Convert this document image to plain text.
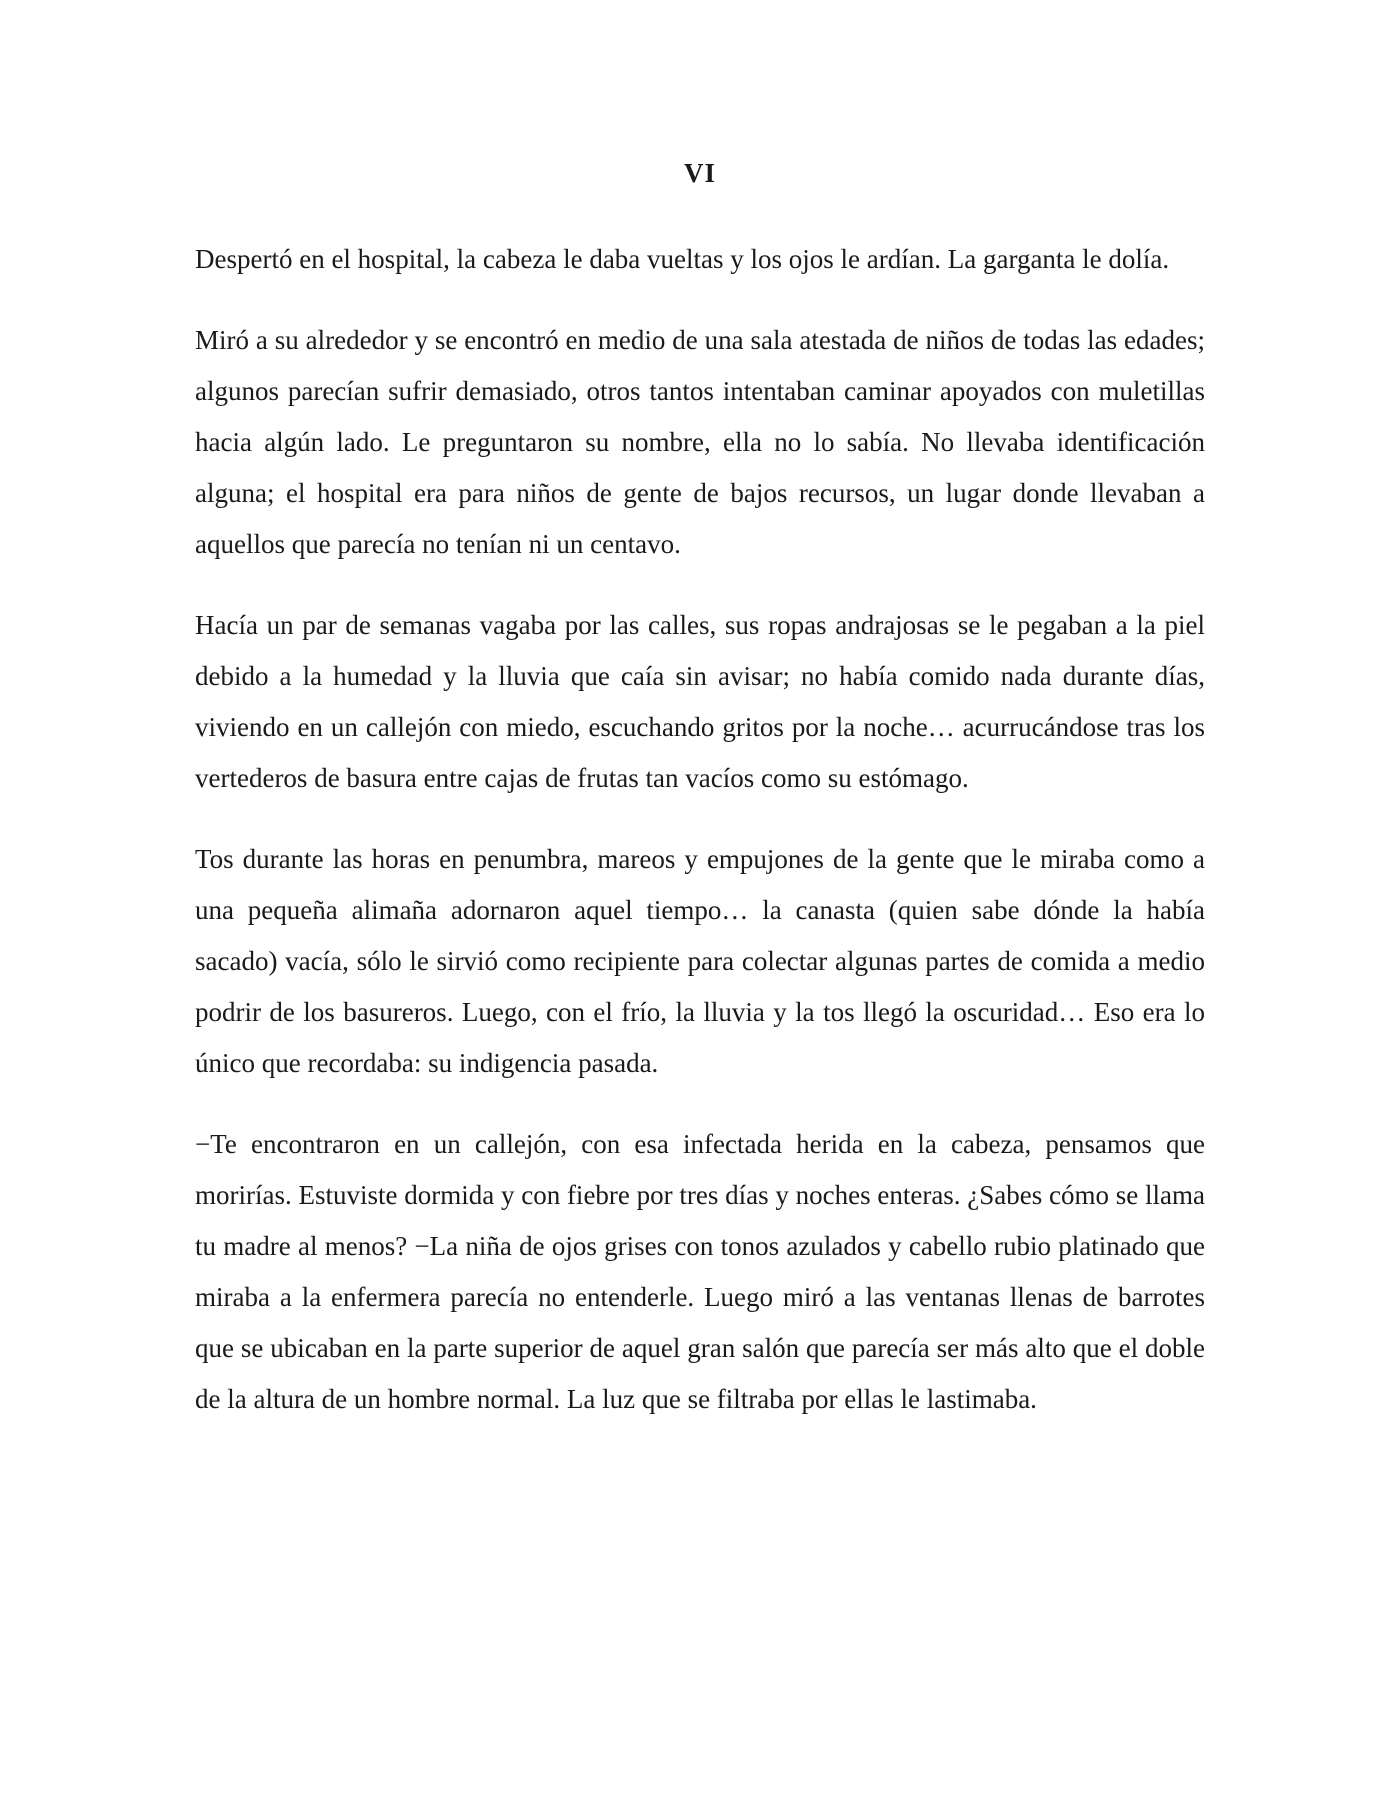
VI

Despertó en el hospital, la cabeza le daba vueltas y los ojos le ardían. La garganta le dolía.

Miró a su alrededor y se encontró en medio de una sala atestada de niños de todas las edades; algunos parecían sufrir demasiado, otros tantos intentaban caminar apoyados con muletillas hacia algún lado. Le preguntaron su nombre, ella no lo sabía. No llevaba identificación alguna; el hospital era para niños de gente de bajos recursos, un lugar donde llevaban a aquellos que parecía no tenían ni un centavo.

Hacía un par de semanas vagaba por las calles, sus ropas andrajosas se le pegaban a la piel debido a la humedad y la lluvia que caía sin avisar; no había comido nada durante días, viviendo en un callejón con miedo, escuchando gritos por la noche… acurrucándose tras los vertederos de basura entre cajas de frutas tan vacíos como su estómago.

Tos durante las horas en penumbra, mareos y empujones de la gente que le miraba como a una pequeña alimaña adornaron aquel tiempo… la canasta (quien sabe dónde la había sacado) vacía, sólo le sirvió como recipiente para colectar algunas partes de comida a medio podrir de los basureros. Luego, con el frío, la lluvia y la tos llegó la oscuridad… Eso era lo único que recordaba: su indigencia pasada.

−Te encontraron en un callejón, con esa infectada herida en la cabeza, pensamos que morirías. Estuviste dormida y con fiebre por tres días y noches enteras. ¿Sabes cómo se llama tu madre al menos? −La niña de ojos grises con tonos azulados y cabello rubio platinado que miraba a la enfermera parecía no entenderle. Luego miró a las ventanas llenas de barrotes que se ubicaban en la parte superior de aquel gran salón que parecía ser más alto que el doble de la altura de un hombre normal. La luz que se filtraba por ellas le lastimaba.
